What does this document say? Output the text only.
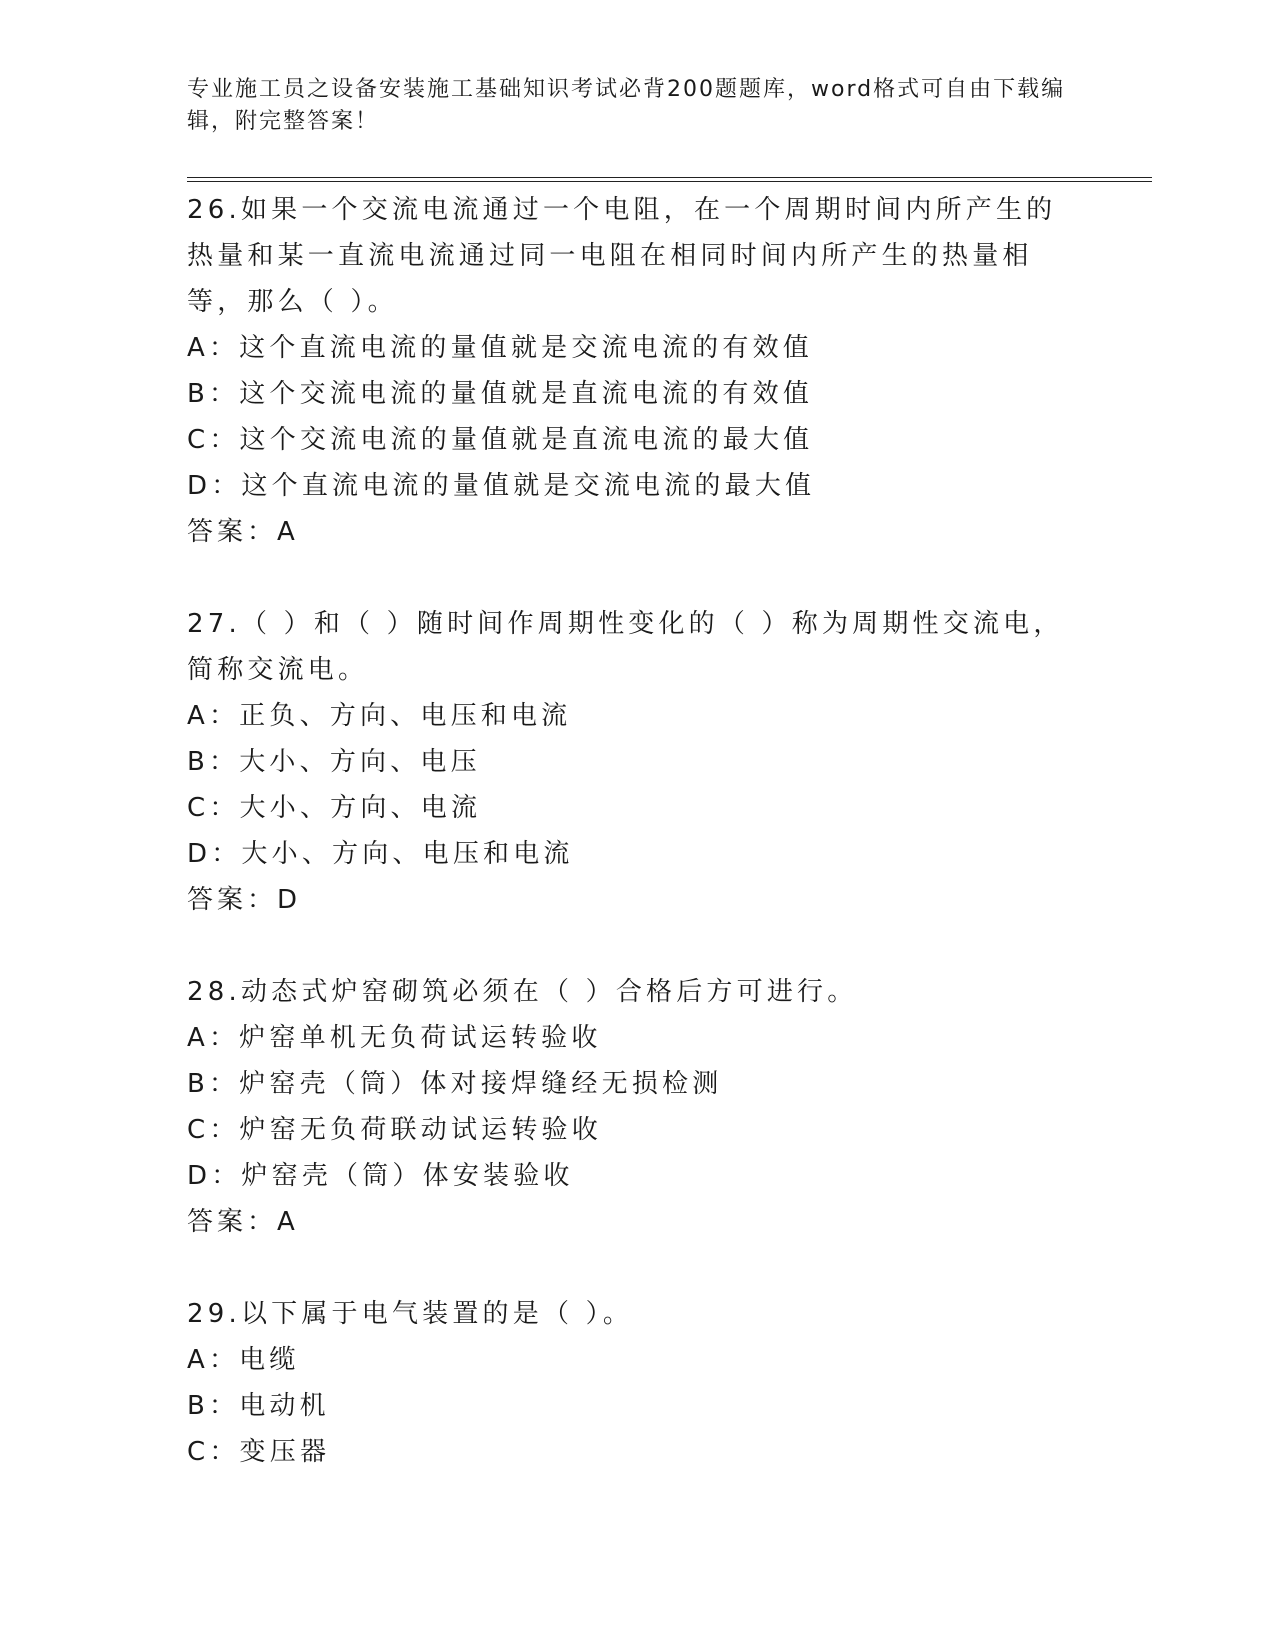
专业施工员之设备安装施工基础知识考试必背200题题库，word格式可自由下载编辑，附完整答案！

26.如果一个交流电流通过一个电阻，在一个周期时间内所产生的热量和某一直流电流通过同一电阻在相同时间内所产生的热量相等，那么（ ）。

A：这个直流电流的量值就是交流电流的有效值

B：这个交流电流的量值就是直流电流的有效值

C：这个交流电流的量值就是直流电流的最大值

D：这个直流电流的量值就是交流电流的最大值

答案：A

27.（ ）和（ ）随时间作周期性变化的（ ）称为周期性交流电，简称交流电。

A：正负、方向、电压和电流

B：大小、方向、电压

C：大小、方向、电流

D：大小、方向、电压和电流

答案：D

28.动态式炉窑砌筑必须在（ ）合格后方可进行。

A：炉窑单机无负荷试运转验收

B：炉窑壳（筒）体对接焊缝经无损检测

C：炉窑无负荷联动试运转验收

D：炉窑壳（筒）体安装验收

答案：A

29.以下属于电气装置的是（ ）。

A：电缆

B：电动机

C：变压器
